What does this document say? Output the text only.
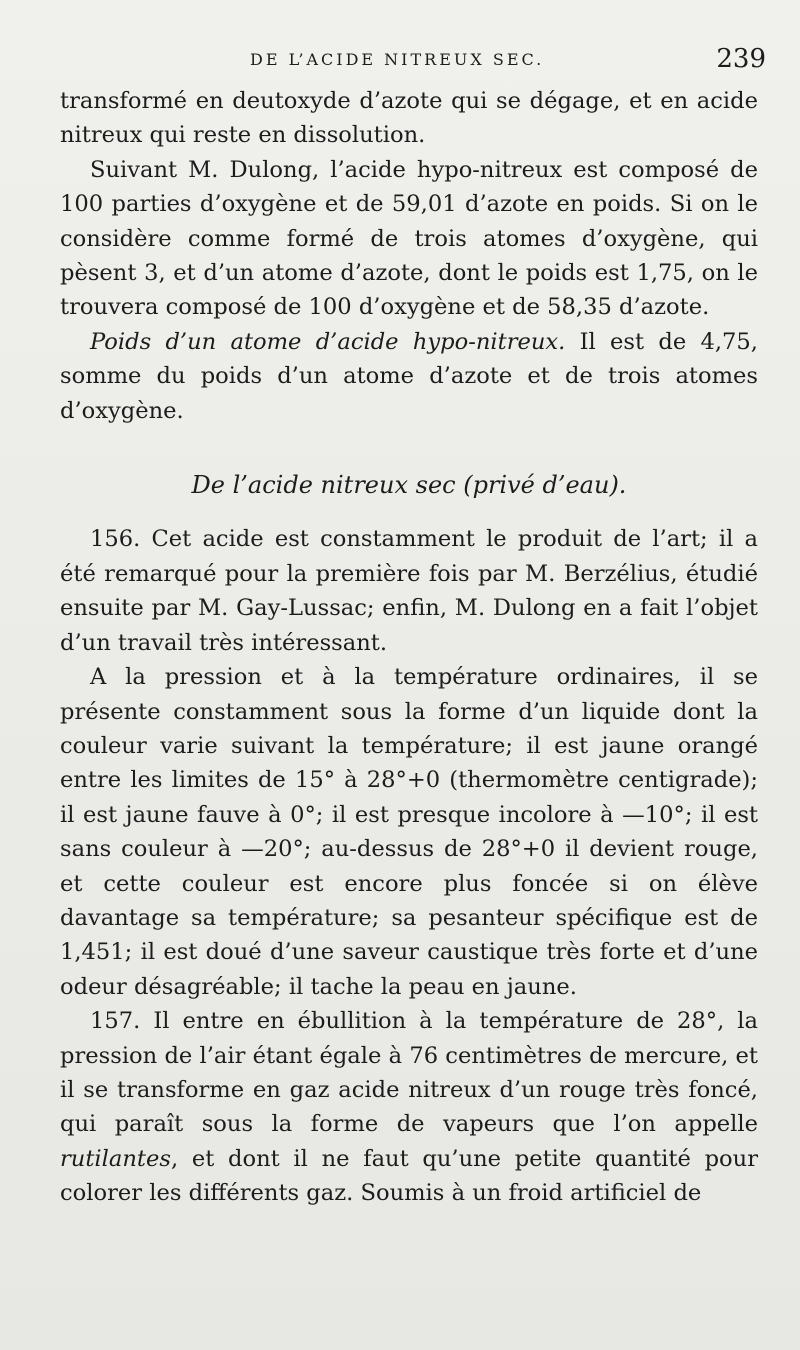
DE L’ACIDE NITREUX SEC.	239

transformé en deutoxyde d’azote qui se dégage, et en acide nitreux qui reste en dissolution.

Suivant M. Dulong, l’acide hypo-nitreux est composé de 100 parties d’oxygène et de 59,01 d’azote en poids. Si on le considère comme formé de trois atomes d’oxygène, qui pèsent 3, et d’un atome d’azote, dont le poids est 1,75, on le trouvera composé de 100 d’oxygène et de 58,35 d’azote.

Poids d’un atome d’acide hypo-nitreux. Il est de 4,75, somme du poids d’un atome d’azote et de trois atomes d’oxygène.

De l’acide nitreux sec (privé d’eau).

156. Cet acide est constamment le produit de l’art; il a été remarqué pour la première fois par M. Berzélius, étudié ensuite par M. Gay-Lussac; enfin, M. Dulong en a fait l’objet d’un travail très intéressant.

A la pression et à la température ordinaires, il se présente constamment sous la forme d’un liquide dont la couleur varie suivant la température; il est jaune orangé entre les limites de 15° à 28°+0 (thermomètre centigrade); il est jaune fauve à 0°; il est presque incolore à —10°; il est sans couleur à —20°; au-dessus de 28°+0 il devient rouge, et cette couleur est encore plus foncée si on élève davantage sa température; sa pesanteur spécifique est de 1,451; il est doué d’une saveur caustique très forte et d’une odeur désagréable; il tache la peau en jaune.

157. Il entre en ébullition à la température de 28°, la pression de l’air étant égale à 76 centimètres de mercure, et il se transforme en gaz acide nitreux d’un rouge très foncé, qui paraît sous la forme de vapeurs que l’on appelle rutilantes, et dont il ne faut qu’une petite quantité pour colorer les différents gaz. Soumis à un froid artificiel de
